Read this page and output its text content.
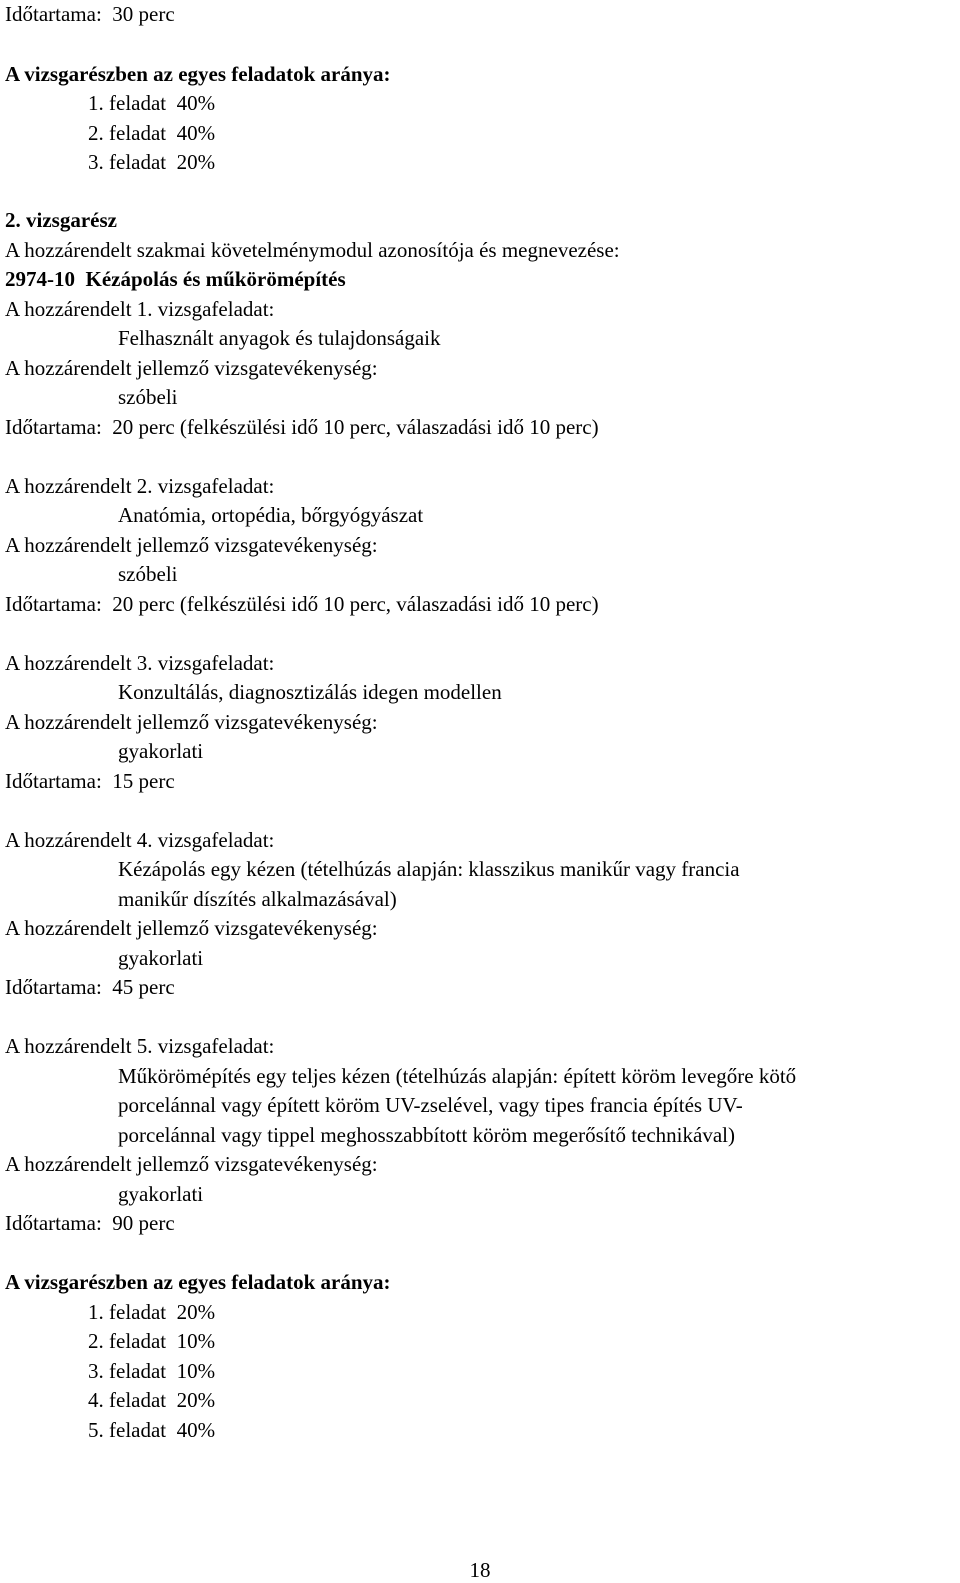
Időtartama:  30 perc
A vizsgarészben az egyes feladatok aránya:
1. feladat  40%
2. feladat  40%
3. feladat  20%
2. vizsgarész
A hozzárendelt szakmai követelménymodul azonosítója és megnevezése:
2974-10  Kézápolás és műkörömépítés
A hozzárendelt 1. vizsgafeladat:
Felhasznált anyagok és tulajdonságaik
A hozzárendelt jellemző vizsgatevékenység:
szóbeli
Időtartama:  20 perc (felkészülési idő 10 perc, válaszadási idő 10 perc)
A hozzárendelt 2. vizsgafeladat:
Anatómia, ortopédia, bőrgyógyászat
A hozzárendelt jellemző vizsgatevékenység:
szóbeli
Időtartama:  20 perc (felkészülési idő 10 perc, válaszadási idő 10 perc)
A hozzárendelt 3. vizsgafeladat:
Konzultálás, diagnosztizálás idegen modellen
A hozzárendelt jellemző vizsgatevékenység:
gyakorlati
Időtartama:  15 perc
A hozzárendelt 4. vizsgafeladat:
Kézápolás egy kézen (tételhúzás alapján: klasszikus manikűr vagy francia
manikűr díszítés alkalmazásával)
A hozzárendelt jellemző vizsgatevékenység:
gyakorlati
Időtartama:  45 perc
A hozzárendelt 5. vizsgafeladat:
Műkörömépítés egy teljes kézen (tételhúzás alapján: épített köröm levegőre kötő
porcelánnal vagy épített köröm UV-zselével, vagy tipes francia építés UV-
porcelánnal vagy tippel meghosszabbított köröm megerősítő technikával)
A hozzárendelt jellemző vizsgatevékenység:
gyakorlati
Időtartama:  90 perc
A vizsgarészben az egyes feladatok aránya:
1. feladat  20%
2. feladat  10%
3. feladat  10%
4. feladat  20%
5. feladat  40%
18
